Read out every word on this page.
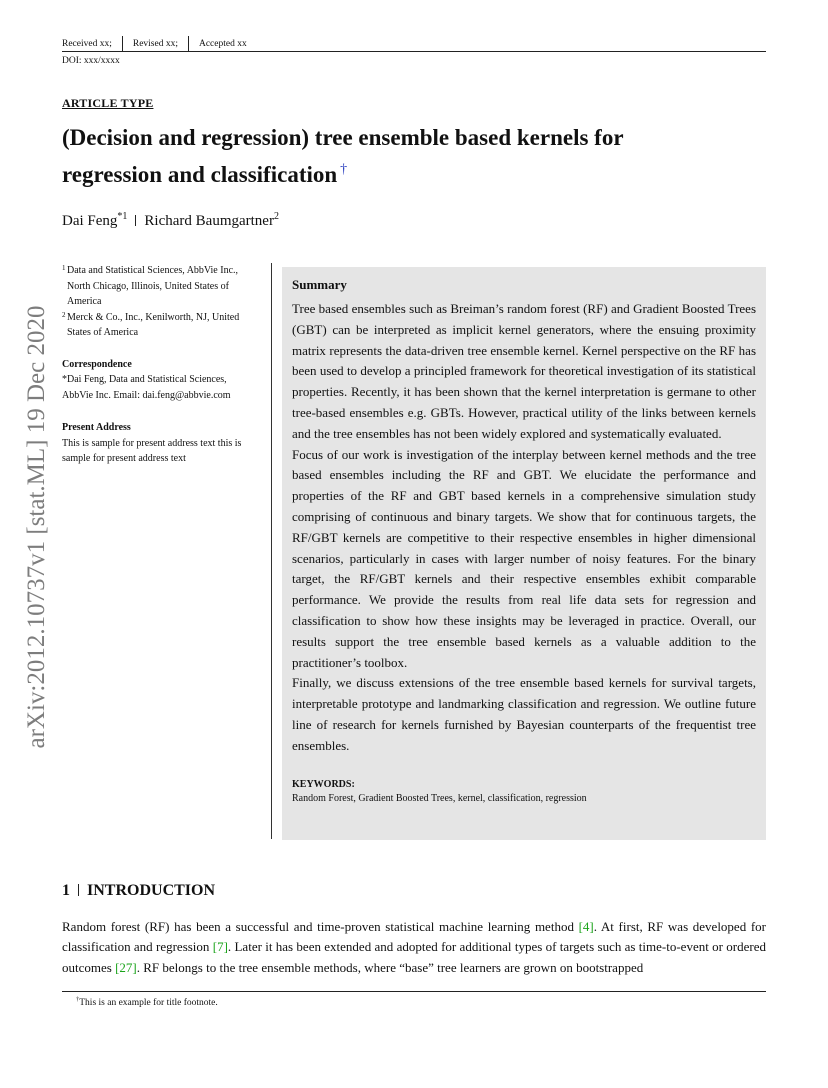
Received xx;	Revised xx;	Accepted xx
DOI: xxx/xxxx
ARTICLE TYPE
(Decision and regression) tree ensemble based kernels for
regression and classification †
Dai Feng$^{*1}$ Richard Baumgartner$^2$
arXiv:2012.10737v1 [stat.ML] 19 Dec 2020
1 Data and Statistical Sciences, AbbVie Inc.,
North Chicago, Illinois, United States of
America
2 Merck & Co., Inc., Kenilworth, NJ, United
States of America
Correspondence
*Dai Feng, Data and Statistical Sciences,
AbbVie Inc. Email: dai.feng@abbvie.com
Present Address
This is sample for present address text this is
sample for present address text
Summary

Tree based ensembles such as Breiman’s random forest (RF) and Gradient Boosted Trees (GBT) can be interpreted as implicit kernel generators, where the ensuing proximity matrix represents the data-driven tree ensemble kernel. Kernel perspective on the RF has been used to develop a principled framework for theoretical investigation of its statistical properties. Recently, it has been shown that the kernel interpretation is germane to other tree-based ensembles e.g. GBTs. However, practical utility of the links between kernels and the tree ensembles has not been widely explored and systematically evaluated.

Focus of our work is investigation of the interplay between kernel methods and the tree based ensembles including the RF and GBT. We elucidate the performance and properties of the RF and GBT based kernels in a comprehensive simulation study comprising of continuous and binary targets. We show that for continuous targets, the RF/GBT kernels are competitive to their respective ensembles in higher dimensional scenarios, particularly in cases with larger number of noisy features. For the binary target, the RF/GBT kernels and their respective ensembles exhibit comparable performance. We provide the results from real life data sets for regression and classification to show how these insights may be leveraged in practice. Overall, our results support the tree ensemble based kernels as a valuable addition to the practitioner’s toolbox.

Finally, we discuss extensions of the tree ensemble based kernels for survival targets, interpretable prototype and landmarking classification and regression. We outline future line of research for kernels furnished by Bayesian counterparts of the frequentist tree ensembles.

KEYWORDS:
Random Forest, Gradient Boosted Trees, kernel, classification, regression
1 INTRODUCTION
Random forest (RF) has been a successful and time-proven statistical machine learning method [4]. At first, RF was developed for classification and regression [7]. Later it has been extended and adopted for additional types of targets such as time-to-event or ordered outcomes [27]. RF belongs to the tree ensemble methods, where “base” tree learners are grown on bootstrapped
†This is an example for title footnote.
